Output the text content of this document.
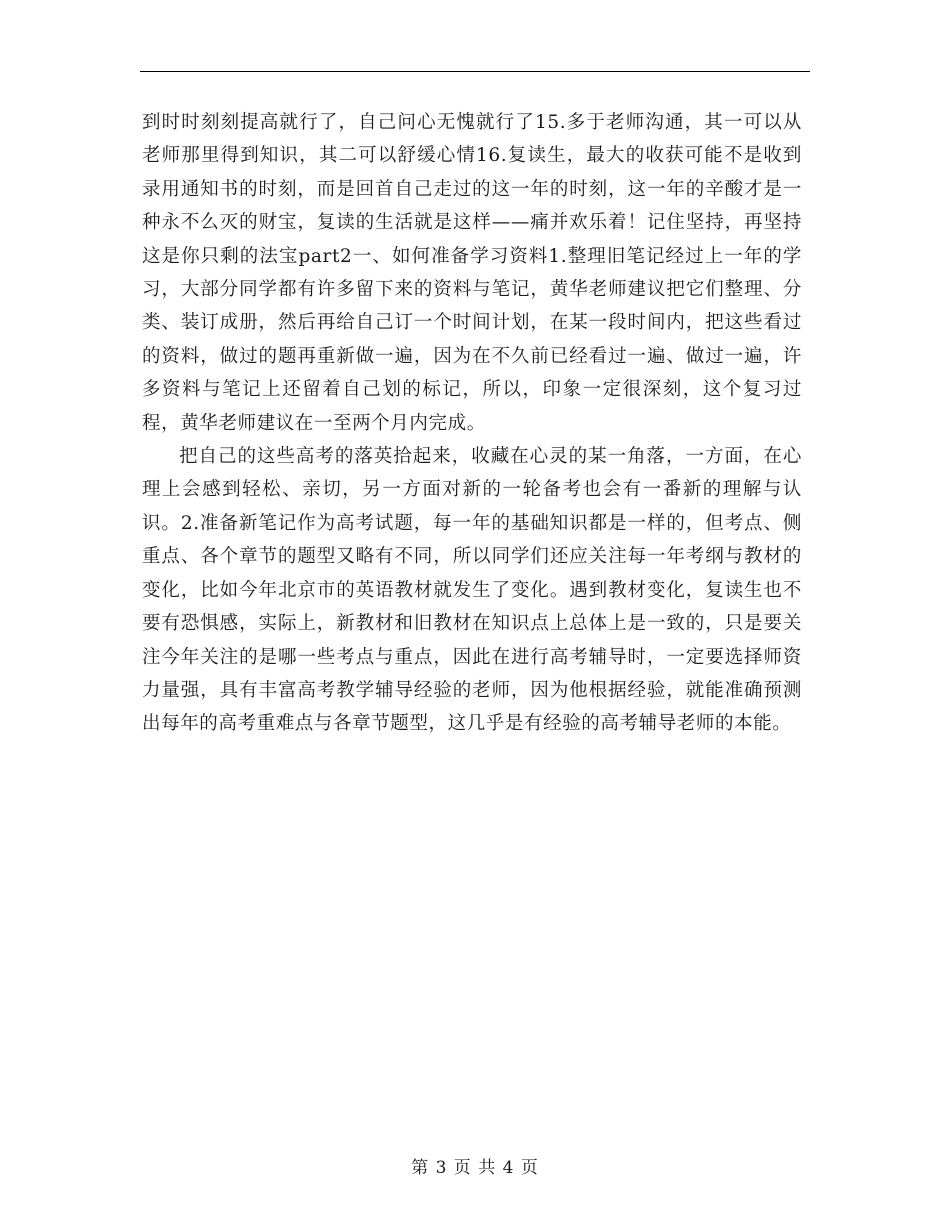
到时时刻刻提高就行了，自己问心无愧就行了15.多于老师沟通，其一可以从老师那里得到知识，其二可以舒缓心情16.复读生，最大的收获可能不是收到录用通知书的时刻，而是回首自己走过的这一年的时刻，这一年的辛酸才是一种永不么灭的财宝，复读的生活就是这样——痛并欢乐着！记住坚持，再坚持这是你只剩的法宝part2一、如何准备学习资料1.整理旧笔记经过上一年的学习，大部分同学都有许多留下来的资料与笔记，黄华老师建议把它们整理、分类、装订成册，然后再给自己订一个时间计划，在某一段时间内，把这些看过的资料，做过的题再重新做一遍，因为在不久前已经看过一遍、做过一遍，许多资料与笔记上还留着自己划的标记，所以，印象一定很深刻，这个复习过程，黄华老师建议在一至两个月内完成。

把自己的这些高考的落英拾起来，收藏在心灵的某一角落，一方面，在心理上会感到轻松、亲切，另一方面对新的一轮备考也会有一番新的理解与认识。2.准备新笔记作为高考试题，每一年的基础知识都是一样的，但考点、侧重点、各个章节的题型又略有不同，所以同学们还应关注每一年考纲与教材的变化，比如今年北京市的英语教材就发生了变化。遇到教材变化，复读生也不要有恐惧感，实际上，新教材和旧教材在知识点上总体上是一致的，只是要关注今年关注的是哪一些考点与重点，因此在进行高考辅导时，一定要选择师资力量强，具有丰富高考教学辅导经验的老师，因为他根据经验，就能准确预测出每年的高考重难点与各章节题型，这几乎是有经验的高考辅导老师的本能。

第 3 页 共 4 页
